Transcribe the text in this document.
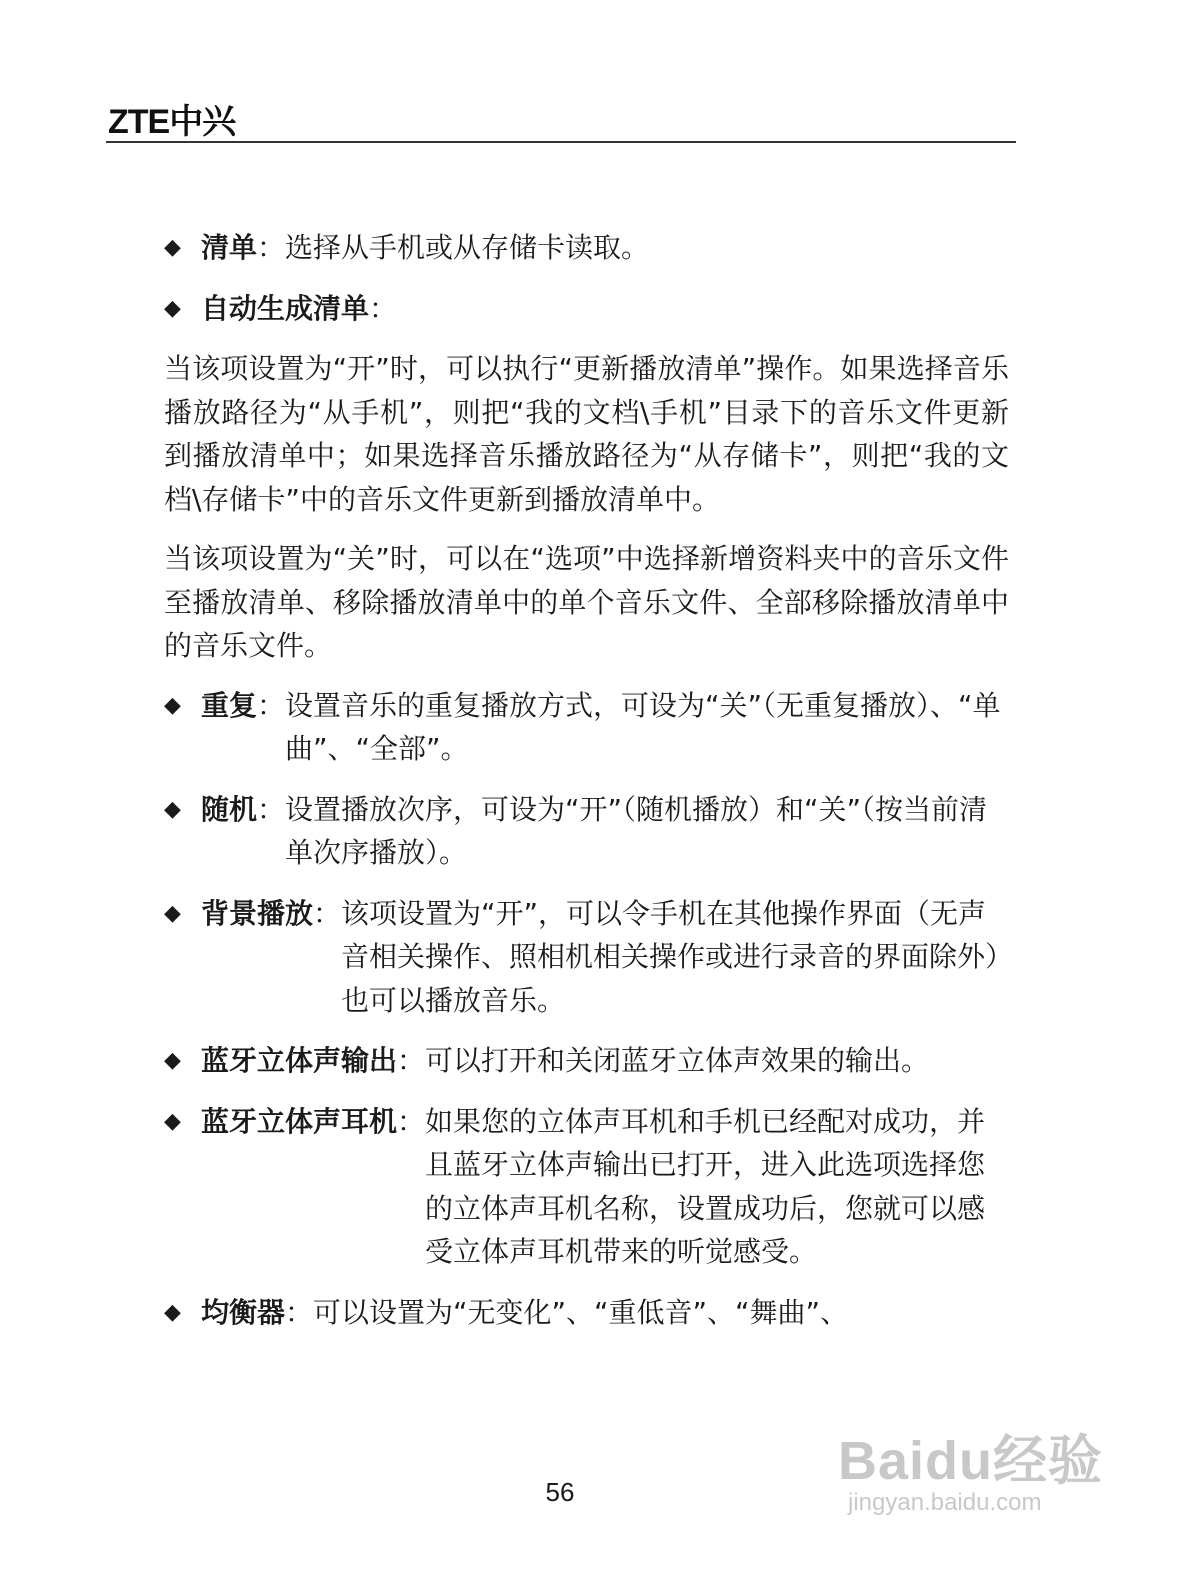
ZTE中兴
◆ 清单 ： 选择从手机或从存储卡读取。
◆ 自动生成清单 ：

当该项设置为“开”时，可以执行“更新播放清单”操作。如果选择音乐播放路径为“从手机”，则把“我的文档\手机”目录下的音乐文件更新到播放清单中；如果选择音乐播放路径为“从存储卡”，则把“我的文档\存储卡”中的音乐文件更新到播放清单中。

当该项设置为“关”时，可以在“选项”中选择新增资料夹中的音乐文件至播放清单、移除播放清单中的单个音乐文件、全部移除播放清单中的音乐文件。

◆ 重复 ： 设置音乐的重复播放方式，可设为“关”（无重复播放）、“单曲”、“全部”。
◆ 随机 ： 设置播放次序，可设为“开”（随机播放）和“关”（按当前清单次序播放）。
◆ 背景播放 ： 该项设置为“开”，可以令手机在其他操作界面（无声音相关操作、照相机相关操作或进行录音的界面除外）也可以播放音乐。
◆ 蓝牙立体声输出 ： 可以打开和关闭蓝牙立体声效果的输出。
◆ 蓝牙立体声耳机 ： 如果您的立体声耳机和手机已经配对成功，并且蓝牙立体声输出已打开，进入此选项选择您的立体声耳机名称，设置成功后，您就可以感受立体声耳机带来的听觉感受。
◆ 均衡器 ： 可以设置为“无变化”、“重低音”、“舞曲”、
56
Baidu经验
jingyan.baidu.com
